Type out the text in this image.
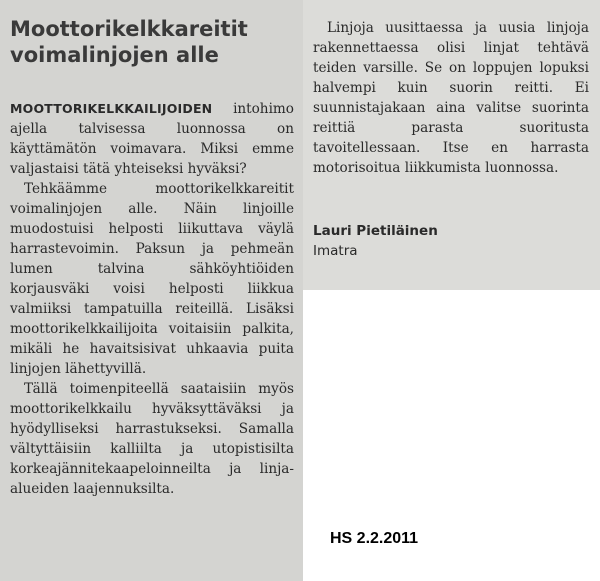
Moottorikelkkareitit voimalinjojen alle

MOOTTORIKELKKAILIJOIDEN intohimo ajella talvisessa luonnossa on käyttämätön voimavara. Miksi emme valjastaisi tätä yhteiseksi hyväksi?

Tehkäämme moottorikelkkareitit voimalinjojen alle. Näin linjoille muodostuisi helposti liikuttava väylä harrastevoimin. Paksun ja pehmeän lumen talvina sähköyhtiöiden korjausväki voisi helposti liikkua valmiiksi tampatuilla reiteillä. Lisäksi moottorikelkkailijoita voitaisiin palkita, mikäli he havaitsisivat uhkaavia puita linjojen lähettyvillä.

Tällä toimenpiteellä saataisiin myös moottorikelkkailu hyväksyttäväksi ja hyödylliseksi harrastukseksi. Samalla vältyttäisiin kalliilta ja utopistisilta korkeajännitekaapeloinneilta ja linja-alueiden laajennuksilta.

Linjoja uusittaessa ja uusia linjoja rakennettaessa olisi linjat tehtävä teiden varsille. Se on loppujen lopuksi halvempi kuin suorin reitti. Ei suunnistajakaan aina valitse suorinta reittiä parasta suoritusta tavoitellessaan. Itse en harrasta motorisoitua liikkumista luonnossa.

Lauri Pietiläinen
Imatra
HS 2.2.2011
